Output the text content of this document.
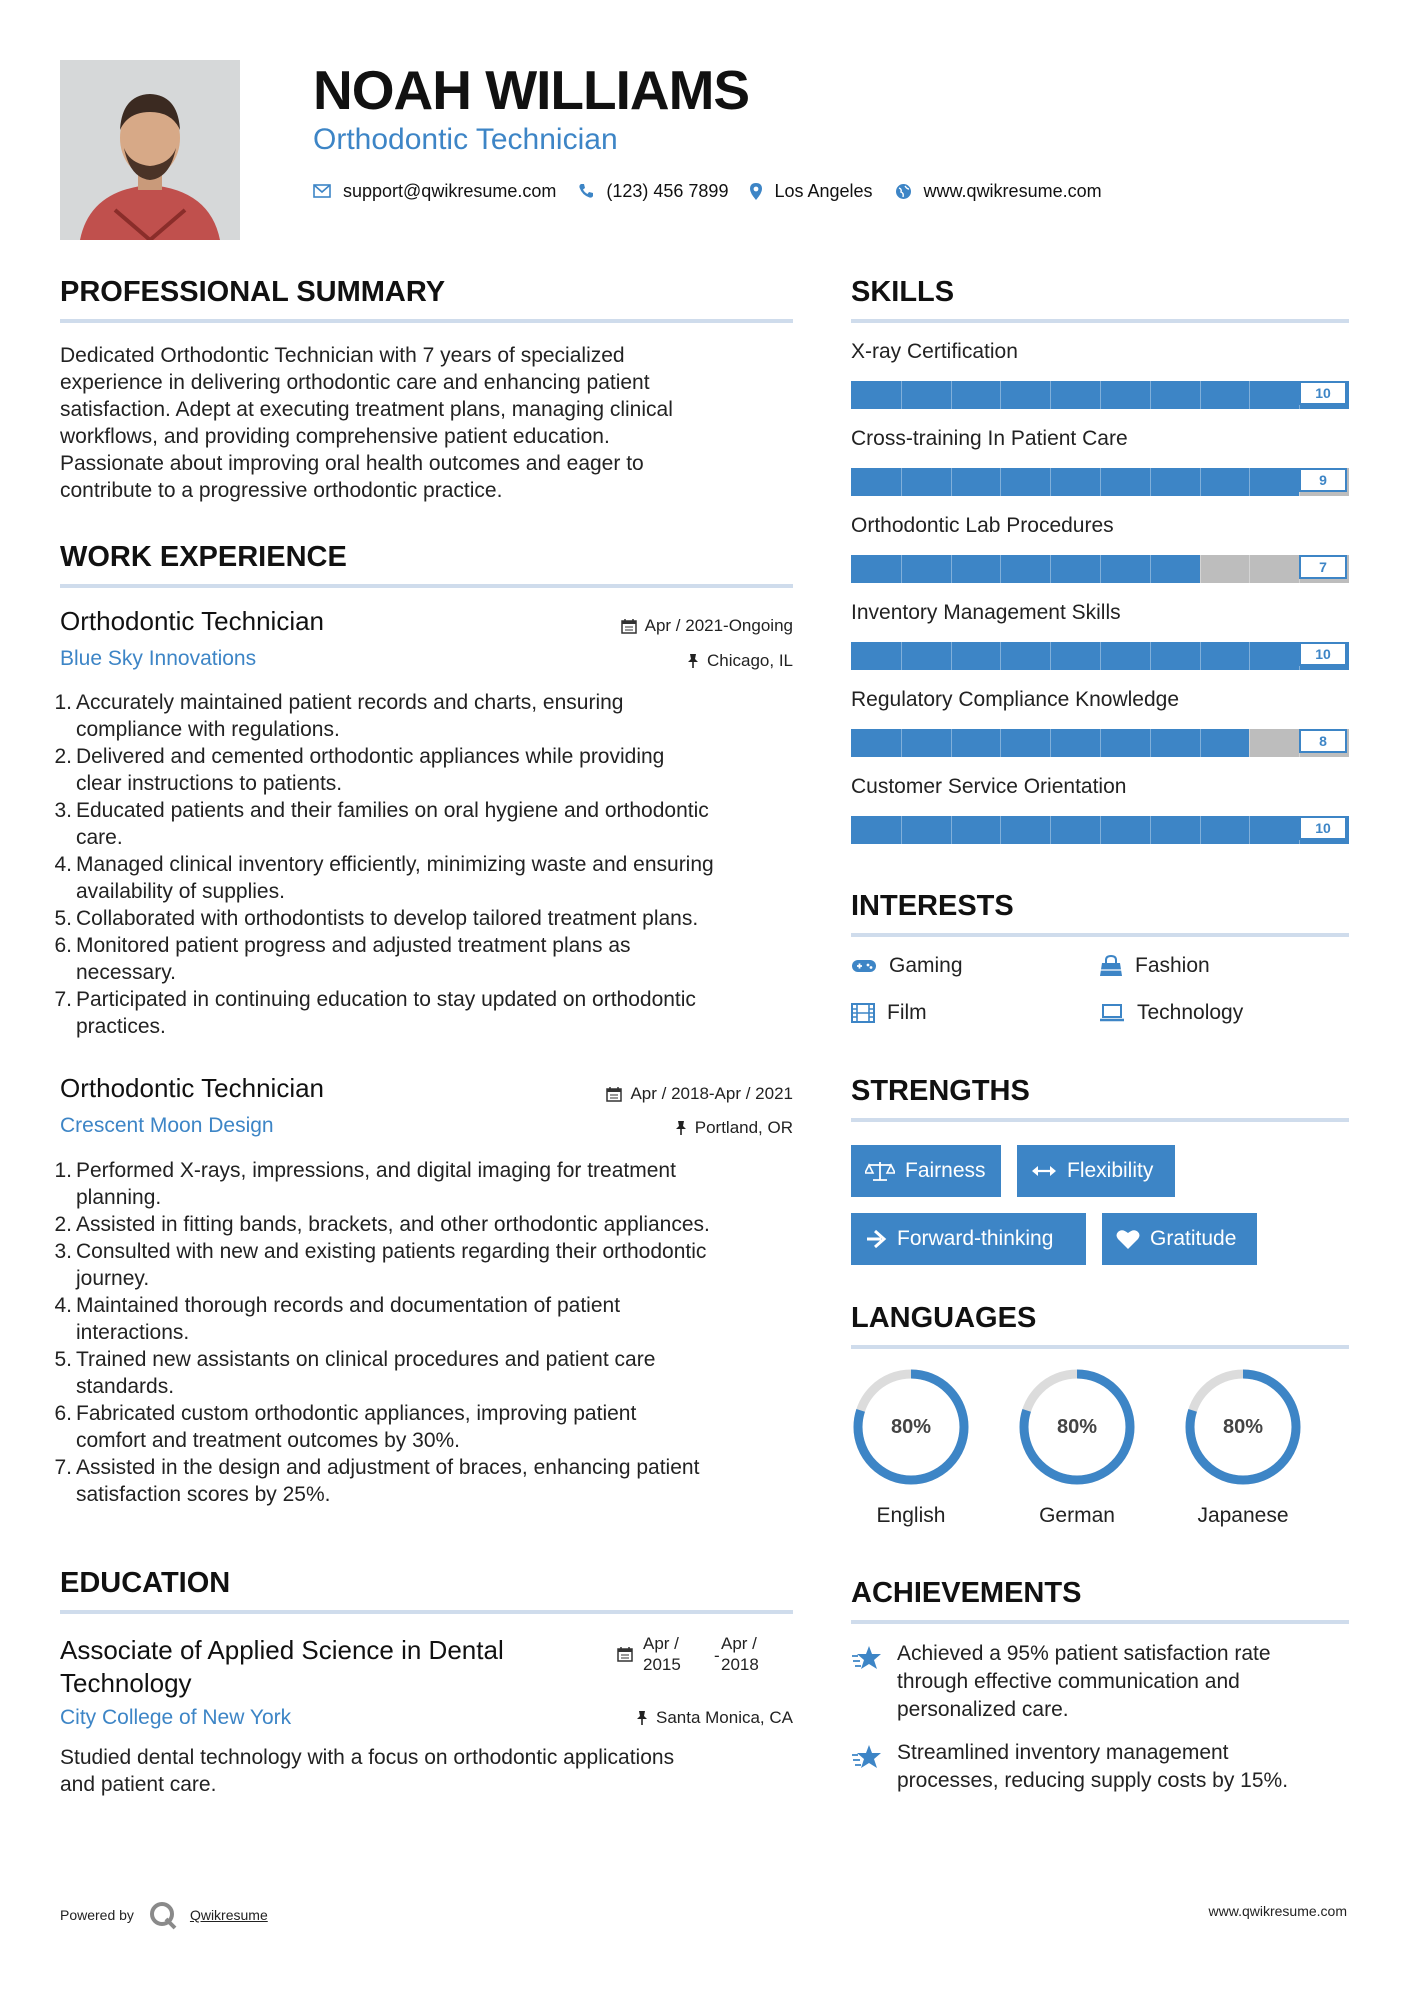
NOAH WILLIAMS
Orthodontic Technician
support@qwikresume.com	(123) 456 7899	Los Angeles	www.qwikresume.com
PROFESSIONAL SUMMARY
Dedicated Orthodontic Technician with 7 years of specialized
experience in delivering orthodontic care and enhancing patient
satisfaction. Adept at executing treatment plans, managing clinical
workflows, and providing comprehensive patient education.
Passionate about improving oral health outcomes and eager to
contribute to a progressive orthodontic practice.
WORK EXPERIENCE
Orthodontic Technician	Apr / 2021-Ongoing
Blue Sky Innovations	Chicago, IL
1. Accurately maintained patient records and charts, ensuring
compliance with regulations.
2. Delivered and cemented orthodontic appliances while providing
clear instructions to patients.
3. Educated patients and their families on oral hygiene and orthodontic
care.
4. Managed clinical inventory efficiently, minimizing waste and ensuring
availability of supplies.
5. Collaborated with orthodontists to develop tailored treatment plans.
6. Monitored patient progress and adjusted treatment plans as
necessary.
7. Participated in continuing education to stay updated on orthodontic
practices.
Orthodontic Technician	Apr / 2018-Apr / 2021
Crescent Moon Design	Portland, OR
1. Performed X-rays, impressions, and digital imaging for treatment
planning.
2. Assisted in fitting bands, brackets, and other orthodontic appliances.
3. Consulted with new and existing patients regarding their orthodontic
journey.
4. Maintained thorough records and documentation of patient
interactions.
5. Trained new assistants on clinical procedures and patient care
standards.
6. Fabricated custom orthodontic appliances, improving patient
comfort and treatment outcomes by 30%.
7. Assisted in the design and adjustment of braces, enhancing patient
satisfaction scores by 25%.
EDUCATION
Associate of Applied Science in Dental
Technology
Apr /
2015 -
Apr /
2018
City College of New York	Santa Monica, CA
Studied dental technology with a focus on orthodontic applications
and patient care.
SKILLS
X-ray Certification
10
Cross-training In Patient Care
9
Orthodontic Lab Procedures
7
Inventory Management Skills
10
Regulatory Compliance Knowledge
8
Customer Service Orientation
10
INTERESTS
Gaming	Fashion
Film	Technology
STRENGTHS
Fairness	Flexibility
Forward-thinking	Gratitude
LANGUAGES
80%
English
80%
German
80%
Japanese
ACHIEVEMENTS
Achieved a 95% patient satisfaction rate
through effective communication and
personalized care.
Streamlined inventory management
processes, reducing supply costs by 15%.
Powered by	Qwikresume	www.qwikresume.com
